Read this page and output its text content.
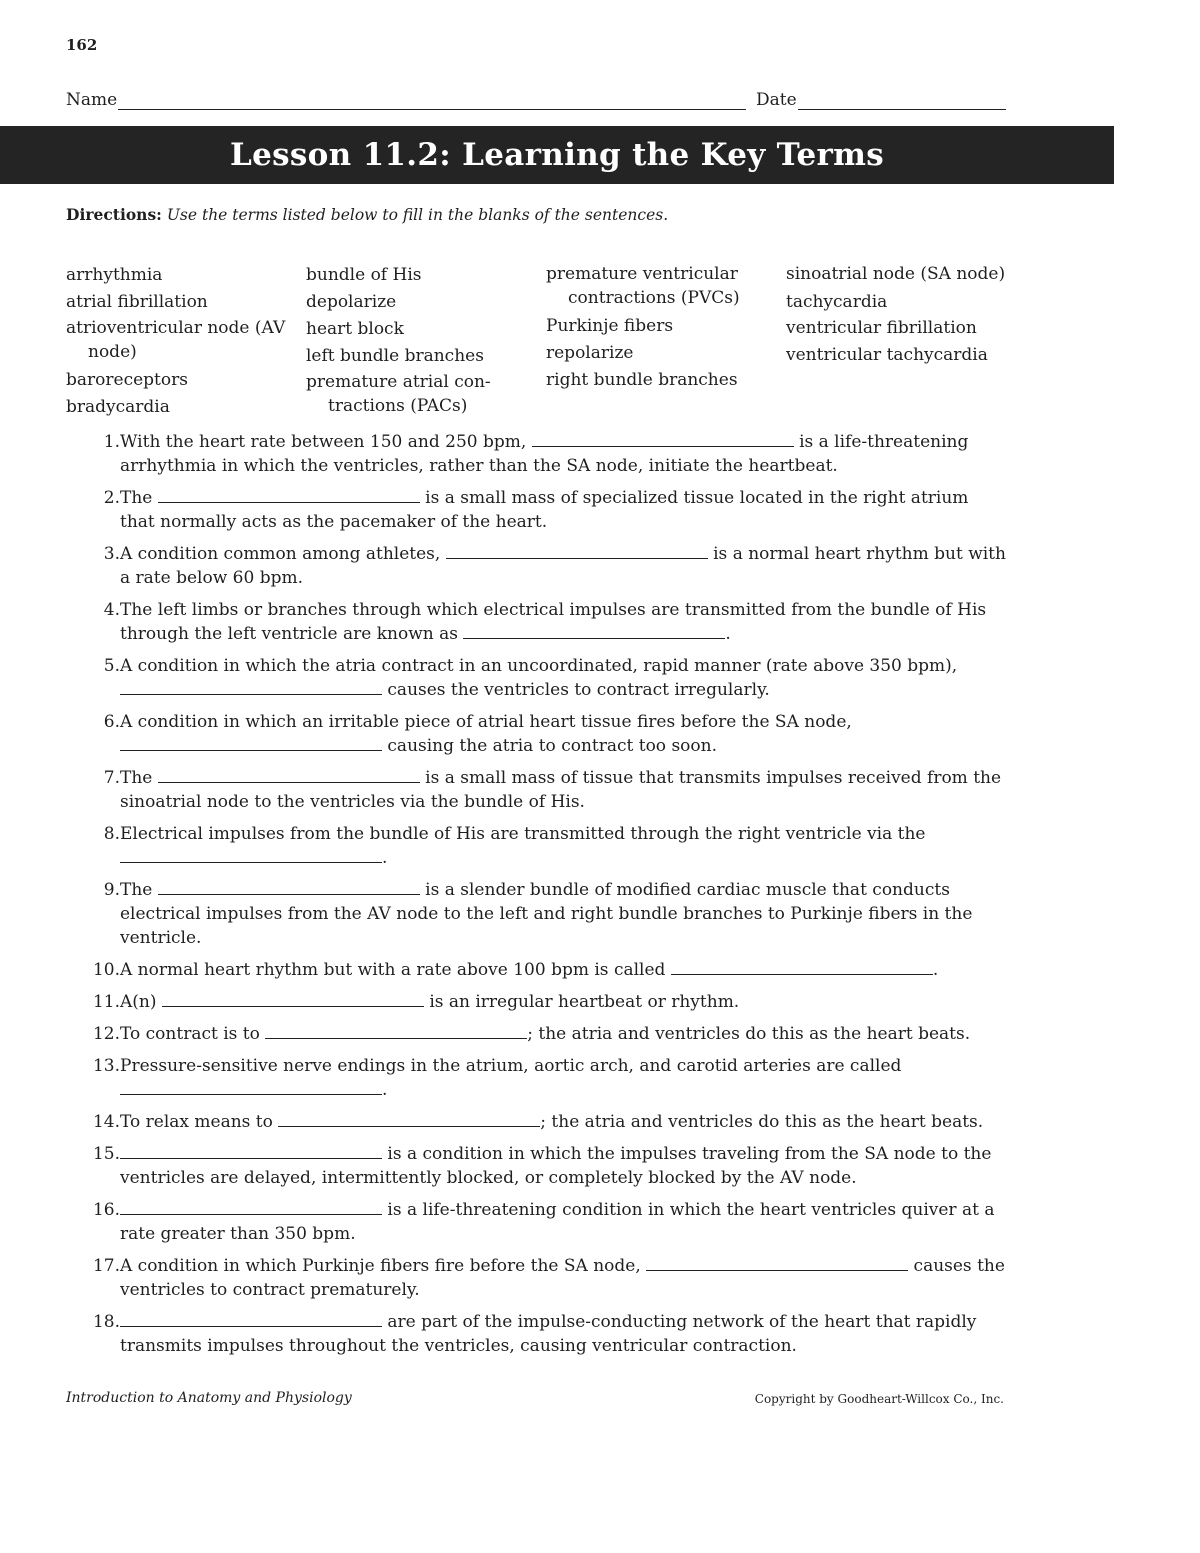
162
Name	Date
Lesson 11.2: Learning the Key Terms
Directions: Use the terms listed below to fill in the blanks of the sentences.
arrhythmia
atrial fibrillation
atrioventricular node (AV node)
baroreceptors
bradycardia
bundle of His
depolarize
heart block
left bundle branches
premature atrial con-tractions (PACs)
premature ventricular contractions (PVCs)
Purkinje fibers
repolarize
right bundle branches
sinoatrial node (SA node)
tachycardia
ventricular fibrillation
ventricular tachycardia
1. With the heart rate between 150 and 250 bpm,	is a life-threatening arrhythmia in which the ventricles, rather than the SA node, initiate the heartbeat.
2. The	is a small mass of specialized tissue located in the right atrium that normally acts as the pacemaker of the heart.
3. A condition common among athletes,	is a normal heart rhythm but with a rate below 60 bpm.
4. The left limbs or branches through which electrical impulses are transmitted from the bundle of His through the left ventricle are known as	.
5. A condition in which the atria contract in an uncoordinated, rapid manner (rate above 350 bpm),  causes the ventricles to contract irregularly.
6. A condition in which an irritable piece of atrial heart tissue fires before the SA node,  causing the atria to contract too soon.
7. The	is a small mass of tissue that transmits impulses received from the sinoatrial node to the ventricles via the bundle of His.
8. Electrical impulses from the bundle of His are transmitted through the right ventricle via the .
9. The	is a slender bundle of modified cardiac muscle that conducts electrical impulses from the AV node to the left and right bundle branches to Purkinje fibers in the ventricle.
10. A normal heart rhythm but with a rate above 100 bpm is called	.
11. A(n)	is an irregular heartbeat or rhythm.
12. To contract is to	; the atria and ventricles do this as the heart beats.
13. Pressure-sensitive nerve endings in the atrium, aortic arch, and carotid arteries are called .
14. To relax means to	; the atria and ventricles do this as the heart beats.
15.	is a condition in which the impulses traveling from the SA node to the ventricles are delayed, intermittently blocked, or completely blocked by the AV node.
16.	is a life-threatening condition in which the heart ventricles quiver at a rate greater than 350 bpm.
17. A condition in which Purkinje fibers fire before the SA node,	causes the ventricles to contract prematurely.
18.	are part of the impulse-conducting network of the heart that rapidly transmits impulses throughout the ventricles, causing ventricular contraction.
Introduction to Anatomy and Physiology	Copyright by Goodheart-Willcox Co., Inc.
